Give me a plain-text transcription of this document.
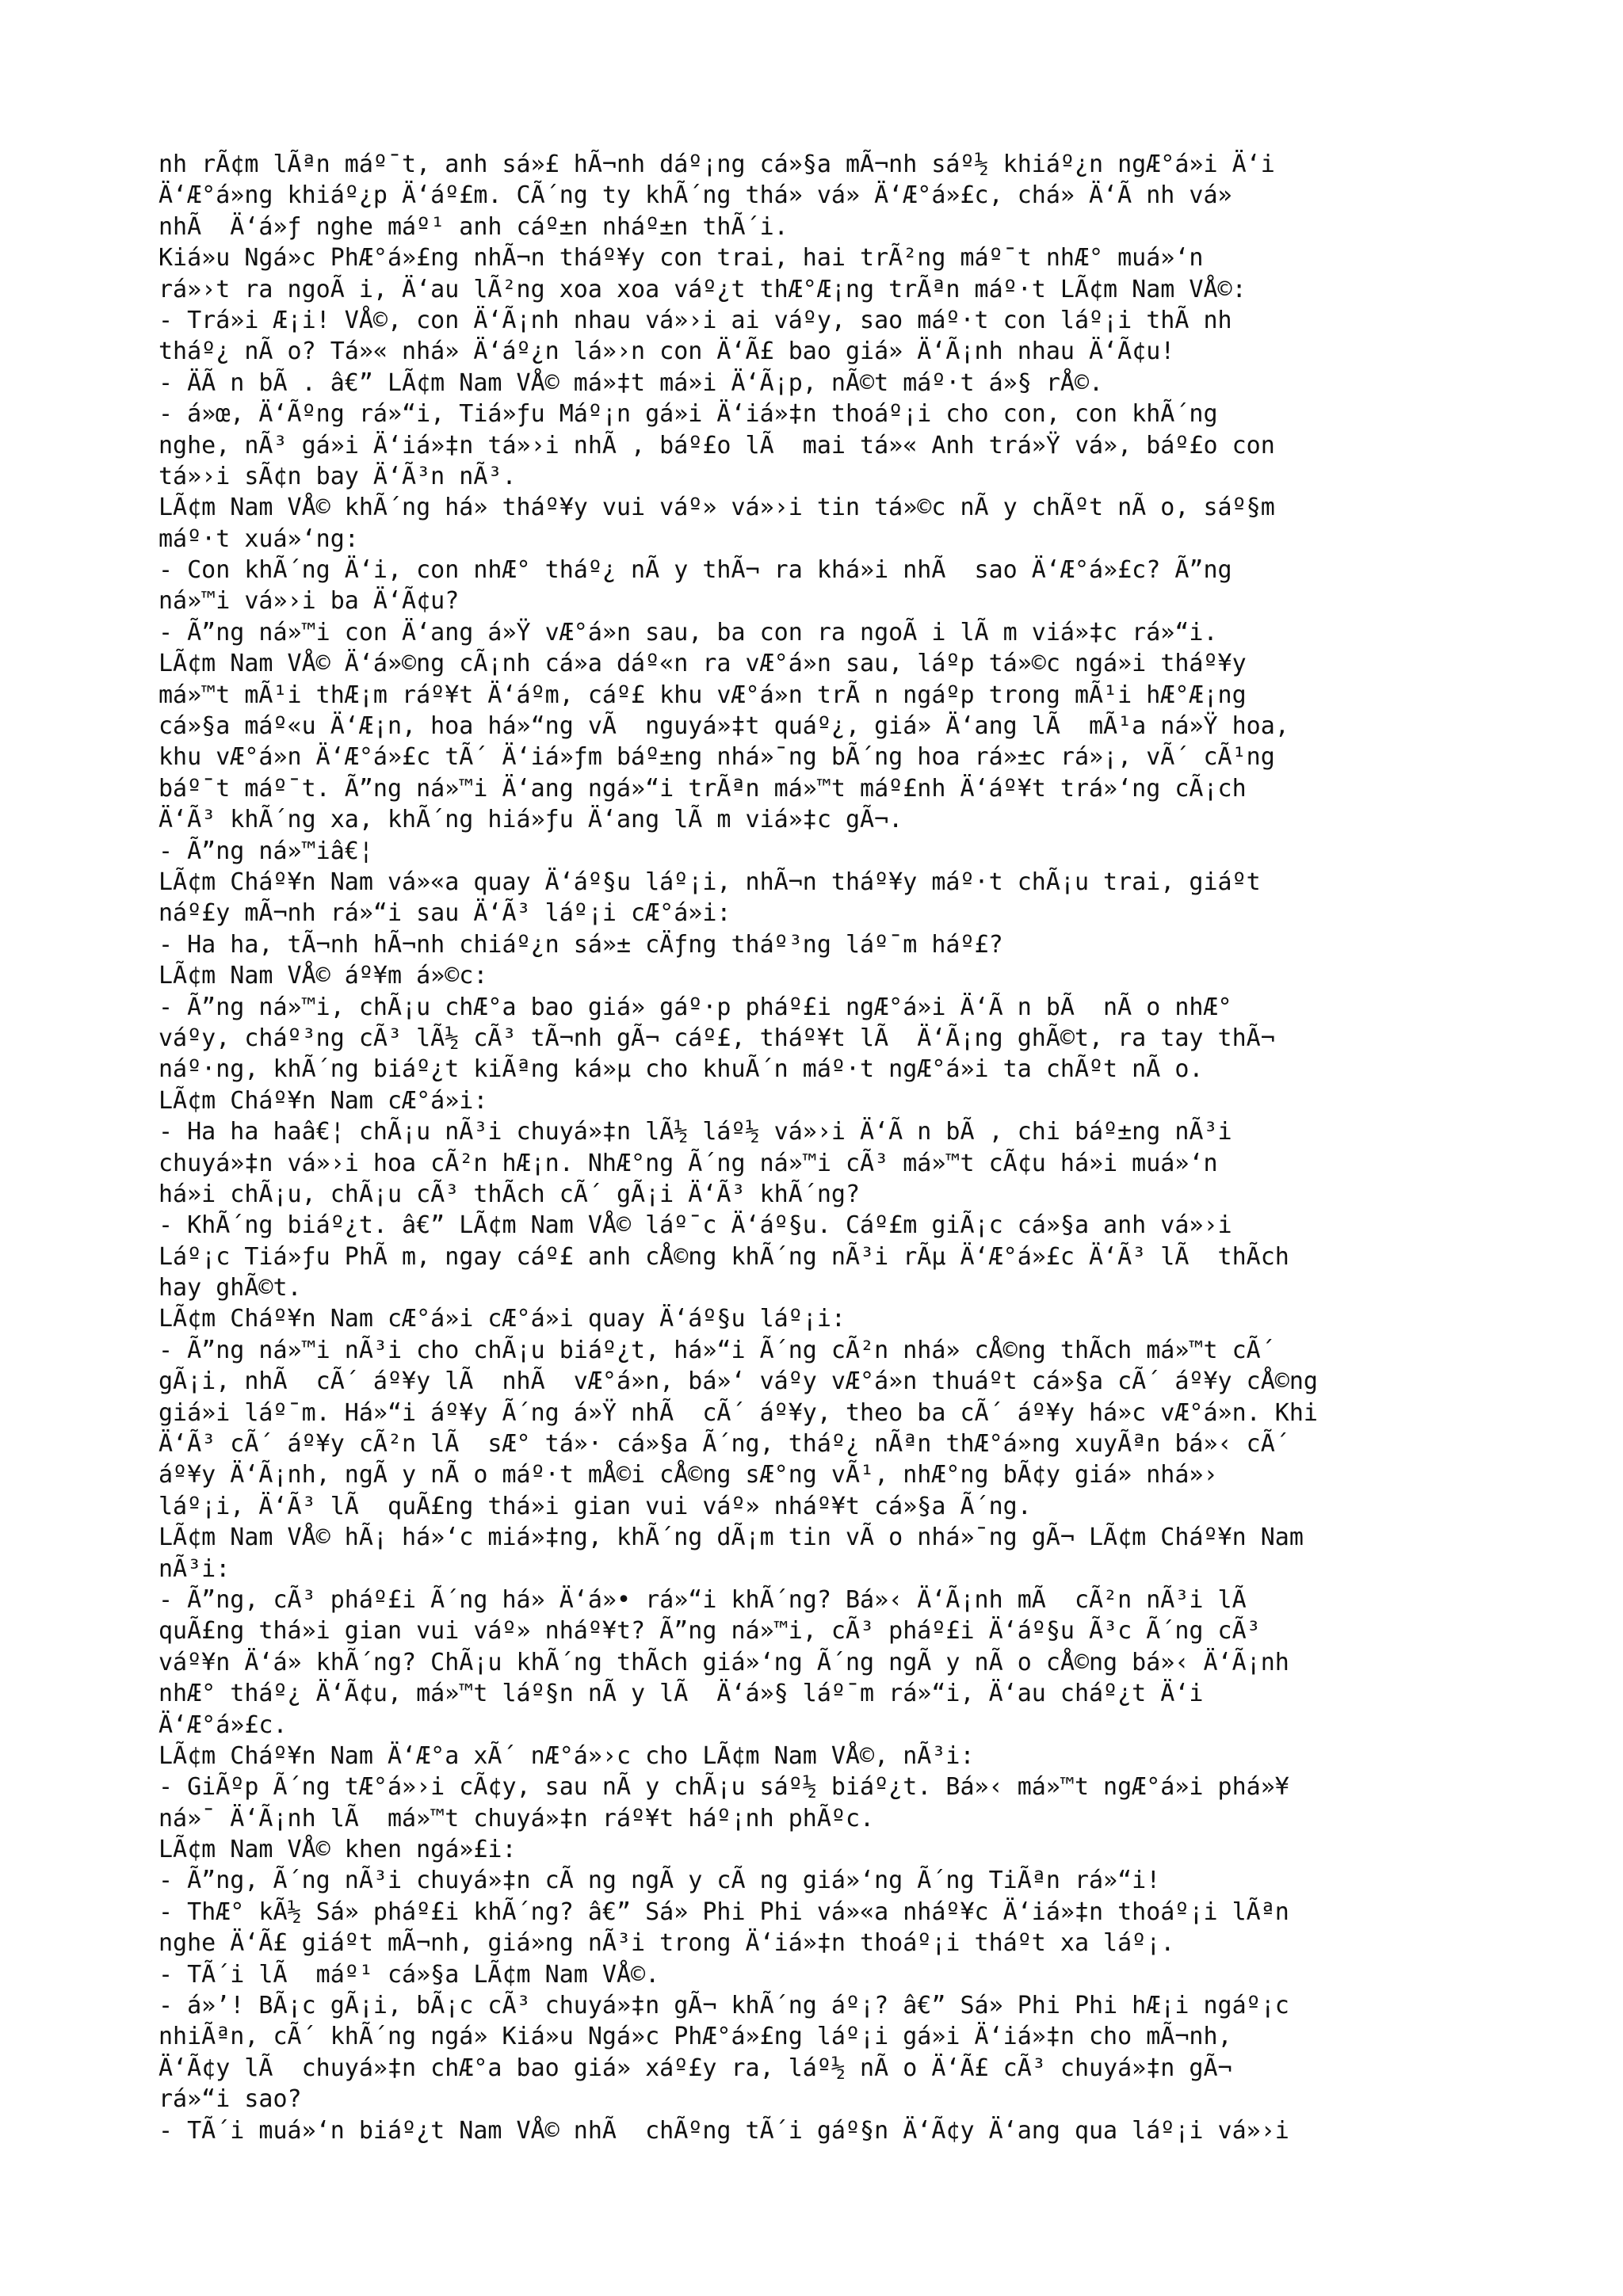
nh rÃ¢m lÃªn máº¯t, anh sá»£ hÃ¬nh dáº¡ng cá»§a mÃ¬nh sáº½ khiáº¿n ngÆ°á»i Ä‘i
Ä‘Æ°á»ng khiáº¿p Ä‘áº£m. CÃ´ng ty khÃ´ng thá» vá» Ä‘Æ°á»£c, chá» Ä‘Ã nh vá»
nhÃ  Ä‘á»ƒ nghe máº¹ anh cáº±n nháº±n thÃ´i.
Kiá»u Ngá»c PhÆ°á»£ng nhÃ¬n tháº¥y con trai, hai trÃ²ng máº¯t nhÆ° muá»‘n
rá»›t ra ngoÃ i, Ä‘au lÃ²ng xoa xoa váº¿t thÆ°Æ¡ng trÃªn máº·t LÃ¢m Nam VÅ©:
- Trá»i Æ¡i! VÅ©, con Ä‘Ã¡nh nhau vá»›i ai váºy, sao máº·t con láº¡i thÃ nh
tháº¿ nÃ o? Tá»« nhá» Ä‘áº¿n lá»›n con Ä‘Ã£ bao giá» Ä‘Ã¡nh nhau Ä‘Ã¢u!
- ÄÃ n bÃ . â€” LÃ¢m Nam VÅ© má»‡t má»i Ä‘Ã¡p, nÃ©t máº·t á»§ rÅ©.
- á»œ, Ä‘Ãºng rá»“i, Tiá»ƒu Máº¡n gá»i Ä‘iá»‡n thoáº¡i cho con, con khÃ´ng
nghe, nÃ³ gá»i Ä‘iá»‡n tá»›i nhÃ , báº£o lÃ  mai tá»« Anh trá»Ÿ vá», báº£o con
tá»›i sÃ¢n bay Ä‘Ã³n nÃ³.
LÃ¢m Nam VÅ© khÃ´ng há» tháº¥y vui váº» vá»›i tin tá»©c nÃ y chÃºt nÃ o, sáº§m
máº·t xuá»‘ng:
- Con khÃ´ng Ä‘i, con nhÆ° tháº¿ nÃ y thÃ¬ ra khá»i nhÃ  sao Ä‘Æ°á»£c? Ã”ng
ná»™i vá»›i ba Ä‘Ã¢u?
- Ã”ng ná»™i con Ä‘ang á»Ÿ vÆ°á»n sau, ba con ra ngoÃ i lÃ m viá»‡c rá»“i.
LÃ¢m Nam VÅ© Ä‘á»©ng cÃ¡nh cá»a dáº«n ra vÆ°á»n sau, láºp tá»©c ngá»i tháº¥y
má»™t mÃ¹i thÆ¡m ráº¥t Ä‘áºm, cáº£ khu vÆ°á»n trÃ n ngáºp trong mÃ¹i hÆ°Æ¡ng
cá»§a máº«u Ä‘Æ¡n, hoa há»“ng vÃ  nguyá»‡t quáº¿, giá» Ä‘ang lÃ  mÃ¹a ná»Ÿ hoa,
khu vÆ°á»n Ä‘Æ°á»£c tÃ´ Ä‘iá»ƒm báº±ng nhá»¯ng bÃ´ng hoa rá»±c rá»¡, vÃ´ cÃ¹ng
báº¯t máº¯t. Ã”ng ná»™i Ä‘ang ngá»“i trÃªn má»™t máº£nh Ä‘áº¥t trá»‘ng cÃ¡ch
Ä‘Ã³ khÃ´ng xa, khÃ´ng hiá»ƒu Ä‘ang lÃ m viá»‡c gÃ¬.
- Ã”ng ná»™iâ€¦
LÃ¢m Cháº¥n Nam vá»«a quay Ä‘áº§u láº¡i, nhÃ¬n tháº¥y máº·t chÃ¡u trai, giáºt
náº£y mÃ¬nh rá»“i sau Ä‘Ã³ láº¡i cÆ°á»i:
- Ha ha, tÃ¬nh hÃ¬nh chiáº¿n sá»± cÄƒng tháº³ng láº¯m háº£?
LÃ¢m Nam VÅ© áº¥m á»©c:
- Ã”ng ná»™i, chÃ¡u chÆ°a bao giá» gáº·p pháº£i ngÆ°á»i Ä‘Ã n bÃ  nÃ o nhÆ°
váºy, cháº³ng cÃ³ lÃ½ cÃ³ tÃ¬nh gÃ¬ cáº£, tháº¥t lÃ  Ä‘Ã¡ng ghÃ©t, ra tay thÃ¬
náº·ng, khÃ´ng biáº¿t kiÃªng ká»µ cho khuÃ´n máº·t ngÆ°á»i ta chÃºt nÃ o.
LÃ¢m Cháº¥n Nam cÆ°á»i:
- Ha ha haâ€¦ chÃ¡u nÃ³i chuyá»‡n lÃ½ láº½ vá»›i Ä‘Ã n bÃ , chi báº±ng nÃ³i
chuyá»‡n vá»›i hoa cÃ²n hÆ¡n. NhÆ°ng Ã´ng ná»™i cÃ³ má»™t cÃ¢u há»i muá»‘n
há»i chÃ¡u, chÃ¡u cÃ³ thÃch cÃ´ gÃ¡i Ä‘Ã³ khÃ´ng?
- KhÃ´ng biáº¿t. â€” LÃ¢m Nam VÅ© láº¯c Ä‘áº§u. Cáº£m giÃ¡c cá»§a anh vá»›i
Láº¡c Tiá»ƒu PhÃ m, ngay cáº£ anh cÅ©ng khÃ´ng nÃ³i rÃµ Ä‘Æ°á»£c Ä‘Ã³ lÃ  thÃch
hay ghÃ©t.
LÃ¢m Cháº¥n Nam cÆ°á»i cÆ°á»i quay Ä‘áº§u láº¡i:
- Ã”ng ná»™i nÃ³i cho chÃ¡u biáº¿t, há»“i Ã´ng cÃ²n nhá» cÅ©ng thÃch má»™t cÃ´
gÃ¡i, nhÃ  cÃ´ áº¥y lÃ  nhÃ  vÆ°á»n, bá»‘ váºy vÆ°á»n thuáºt cá»§a cÃ´ áº¥y cÅ©ng
giá»i láº¯m. Há»“i áº¥y Ã´ng á»Ÿ nhÃ  cÃ´ áº¥y, theo ba cÃ´ áº¥y há»c vÆ°á»n. Khi
Ä‘Ã³ cÃ´ áº¥y cÃ²n lÃ  sÆ° tá»· cá»§a Ã´ng, tháº¿ nÃªn thÆ°á»ng xuyÃªn bá»‹ cÃ´
áº¥y Ä‘Ã¡nh, ngÃ y nÃ o máº·t mÅ©i cÅ©ng sÆ°ng vÃ¹, nhÆ°ng bÃ¢y giá» nhá»›
láº¡i, Ä‘Ã³ lÃ  quÃ£ng thá»i gian vui váº» nháº¥t cá»§a Ã´ng.
LÃ¢m Nam VÅ© hÃ¡ há»‘c miá»‡ng, khÃ´ng dÃ¡m tin vÃ o nhá»¯ng gÃ¬ LÃ¢m Cháº¥n Nam
nÃ³i:
- Ã”ng, cÃ³ pháº£i Ã´ng há» Ä‘á»• rá»“i khÃ´ng? Bá»‹ Ä‘Ã¡nh mÃ  cÃ²n nÃ³i lÃ
quÃ£ng thá»i gian vui váº» nháº¥t? Ã”ng ná»™i, cÃ³ pháº£i Ä‘áº§u Ã³c Ã´ng cÃ³
váº¥n Ä‘á» khÃ´ng? ChÃ¡u khÃ´ng thÃch giá»‘ng Ã´ng ngÃ y nÃ o cÅ©ng bá»‹ Ä‘Ã¡nh
nhÆ° tháº¿ Ä‘Ã¢u, má»™t láº§n nÃ y lÃ  Ä‘á»§ láº¯m rá»“i, Ä‘au cháº¿t Ä‘i
Ä‘Æ°á»£c.
LÃ¢m Cháº¥n Nam Ä‘Æ°a xÃ´ nÆ°á»›c cho LÃ¢m Nam VÅ©, nÃ³i:
- GiÃºp Ã´ng tÆ°á»›i cÃ¢y, sau nÃ y chÃ¡u sáº½ biáº¿t. Bá»‹ má»™t ngÆ°á»i phá»¥
ná»¯ Ä‘Ã¡nh lÃ  má»™t chuyá»‡n ráº¥t háº¡nh phÃºc.
LÃ¢m Nam VÅ© khen ngá»£i:
- Ã”ng, Ã´ng nÃ³i chuyá»‡n cÃ ng ngÃ y cÃ ng giá»‘ng Ã´ng TiÃªn rá»“i!
- ThÆ° kÃ½ Sá» pháº£i khÃ´ng? â€” Sá» Phi Phi vá»«a nháº¥c Ä‘iá»‡n thoáº¡i lÃªn
nghe Ä‘Ã£ giáºt mÃ¬nh, giá»ng nÃ³i trong Ä‘iá»‡n thoáº¡i tháºt xa láº¡.
- TÃ´i lÃ  máº¹ cá»§a LÃ¢m Nam VÅ©.
- á»’! BÃ¡c gÃ¡i, bÃ¡c cÃ³ chuyá»‡n gÃ¬ khÃ´ng áº¡? â€” Sá» Phi Phi hÆ¡i ngáº¡c
nhiÃªn, cÃ´ khÃ´ng ngá» Kiá»u Ngá»c PhÆ°á»£ng láº¡i gá»i Ä‘iá»‡n cho mÃ¬nh,
Ä‘Ã¢y lÃ  chuyá»‡n chÆ°a bao giá» xáº£y ra, láº½ nÃ o Ä‘Ã£ cÃ³ chuyá»‡n gÃ¬
rá»“i sao?
- TÃ´i muá»‘n biáº¿t Nam VÅ© nhÃ  chÃºng tÃ´i gáº§n Ä‘Ã¢y Ä‘ang qua láº¡i vá»›i
